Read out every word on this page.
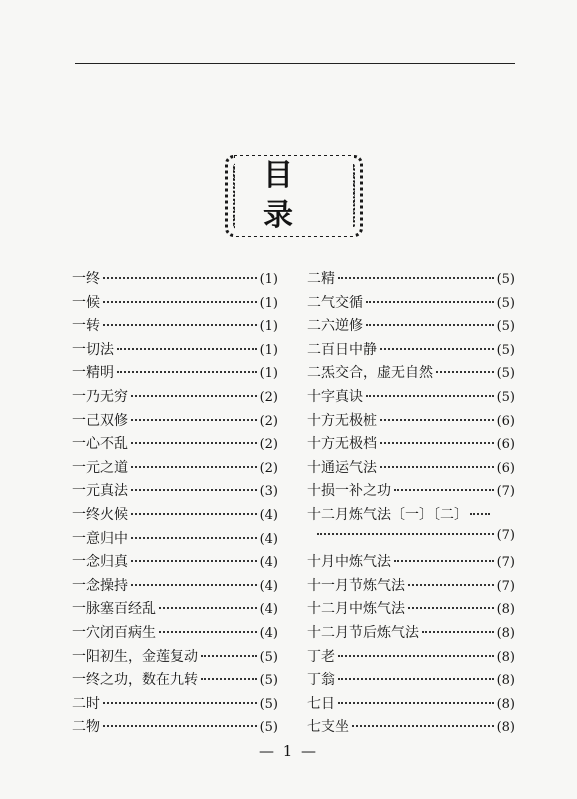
目 录
一终	(1)
一候	(1)
一转	(1)
一切法	(1)
一精明	(1)
一乃无穷	(2)
一己双修	(2)
一心不乱	(2)
一元之道	(2)
一元真法	(3)
一终火候	(4)
一意归中	(4)
一念归真	(4)
一念操持	(4)
一脉塞百经乱	(4)
一穴闭百病生	(4)
一阳初生，金莲复动	(5)
一终之功，数在九转	(5)
二时	(5)
二物	(5)
二精	(5)
二气交循	(5)
二六逆修	(5)
二百日中静	(5)
二炁交合，虚无自然	(5)
十字真诀	(5)
十方无极桩	(6)
十方无极档	(6)
十通运气法	(6)
十损一补之功	(7)
十二月炼气法〔一〕〔二〕
(7)
十月中炼气法	(7)
十一月节炼气法	(7)
十二月中炼气法	(8)
十二月节后炼气法	(8)
丁老	(8)
丁翁	(8)
七日	(8)
七支坐	(8)
— 1 —
